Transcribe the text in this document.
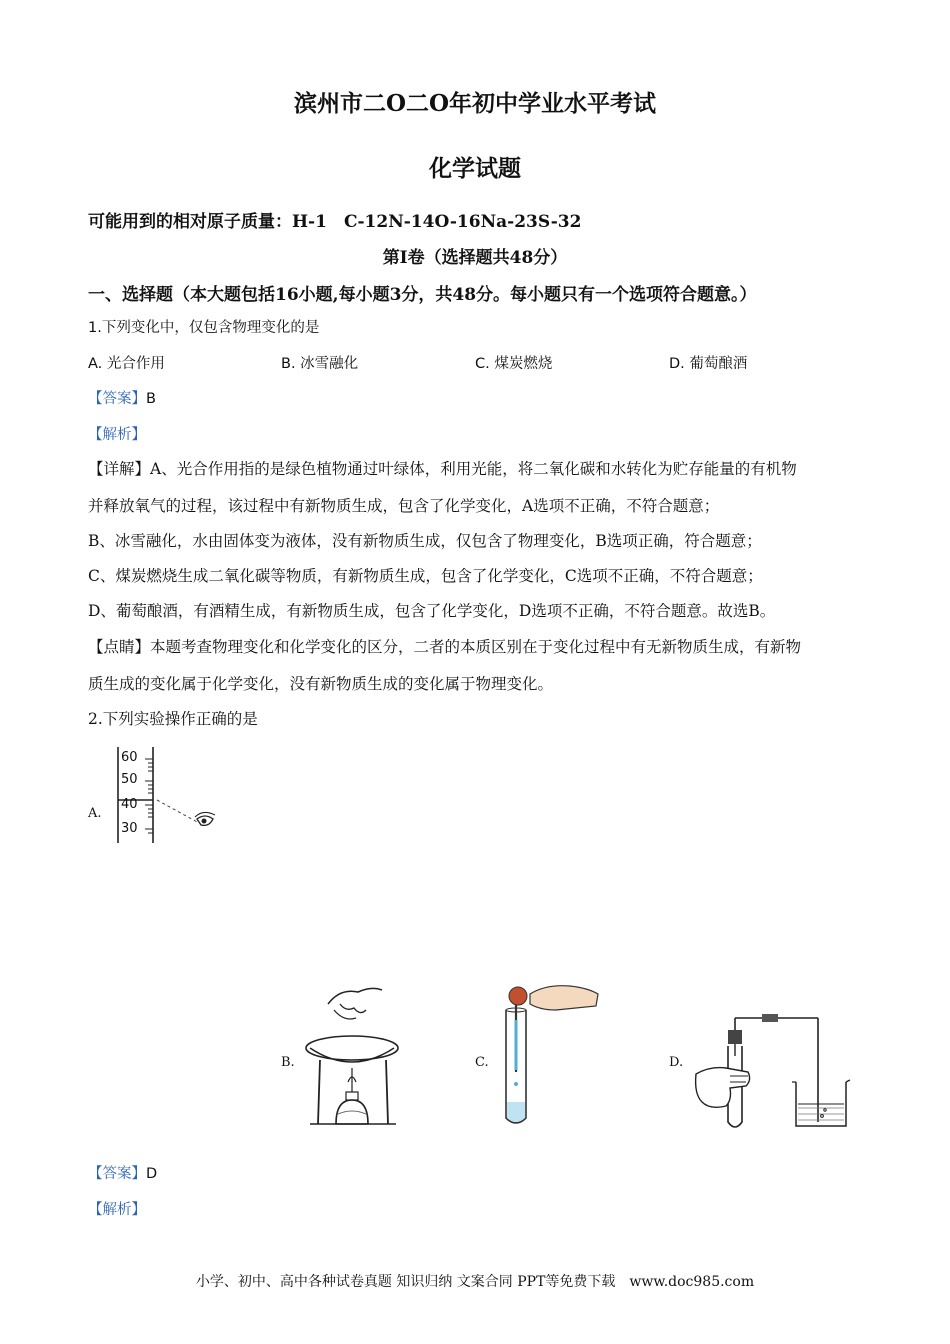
滨州市二O二O年初中学业水平考试
化学试题
可能用到的相对原子质量：H-1　C-12N-14O-16Na-23S-32
第I卷（选择题共48分）
一、选择题（本大题包括16小题,每小题3分，共48分。每小题只有一个选项符合题意。）
1.下列变化中，仅包含物理变化的是
A. 光合作用	B. 冰雪融化	C. 煤炭燃烧	D. 葡萄酿酒
【答案】B
【解析】
【详解】A、光合作用指的是绿色植物通过叶绿体，利用光能，将二氧化碳和水转化为贮存能量的有机物
并释放氧气的过程，该过程中有新物质生成，包含了化学变化，A选项不正确，不符合题意；
B、冰雪融化，水由固体变为液体，没有新物质生成，仅包含了物理变化，B选项正确，符合题意；
C、煤炭燃烧生成二氧化碳等物质，有新物质生成，包含了化学变化，C选项不正确，不符合题意；
D、葡萄酿酒，有酒精生成，有新物质生成，包含了化学变化，D选项不正确，不符合题意。故选B。
【点睛】本题考查物理变化和化学变化的区分，二者的本质区别在于变化过程中有无新物质生成，有新物
质生成的变化属于化学变化，没有新物质生成的变化属于物理变化。
2.下列实验操作正确的是
A.
60
50
40
30
B.	C.	D.
【答案】D
【解析】
小学、初中、高中各种试卷真题 知识归纳 文案合同 PPT等免费下载　www.doc985.com
